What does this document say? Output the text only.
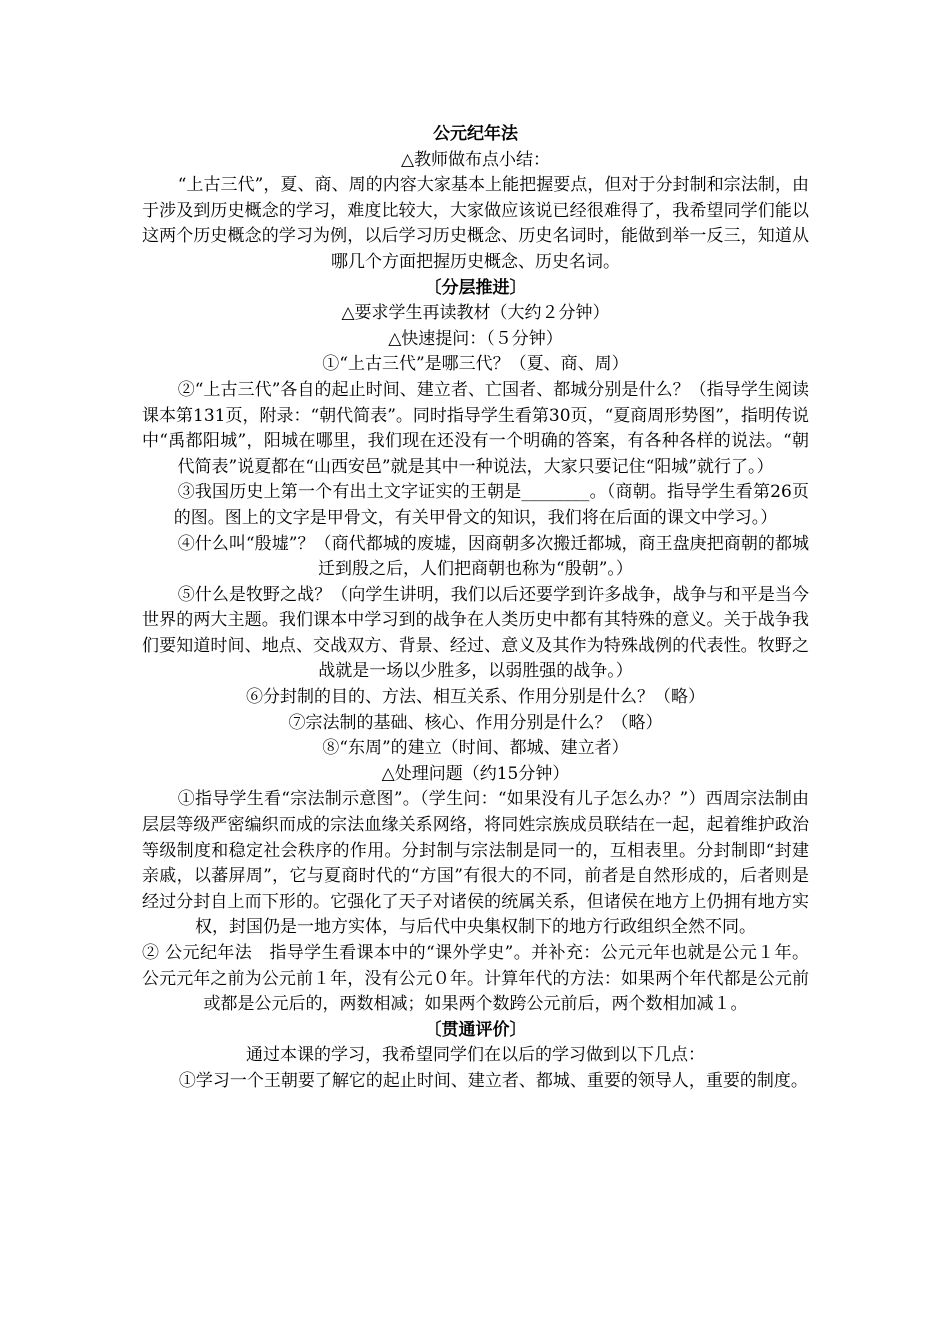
公元纪年法

△教师做布点小结：

“上古三代”，夏、商、周的内容大家基本上能把握要点，但对于分封制和宗法制，由于涉及到历史概念的学习，难度比较大，大家做应该说已经很难得了，我希望同学们能以这两个历史概念的学习为例，以后学习历史概念、历史名词时，能做到举一反三，知道从哪几个方面把握历史概念、历史名词。

〔分层推进〕

△要求学生再读教材（大约２分钟）

△快速提问：（５分钟）

①“上古三代”是哪三代？（夏、商、周）

②“上古三代”各自的起止时间、建立者、亡国者、都城分别是什么？（指导学生阅读课本第131页，附录：“朝代简表”。同时指导学生看第30页，“夏商周形势图”，指明传说中“禹都阳城”，阳城在哪里，我们现在还没有一个明确的答案，有各种各样的说法。“朝代简表”说夏都在“山西安邑”就是其中一种说法，大家只要记住“阳城”就行了。）

③我国历史上第一个有出土文字证实的王朝是________。（商朝。指导学生看第26页的图。图上的文字是甲骨文，有关甲骨文的知识，我们将在后面的课文中学习。）

④什么叫“殷墟”？（商代都城的废墟，因商朝多次搬迁都城，商王盘庚把商朝的都城迁到殷之后，人们把商朝也称为“殷朝”。）

⑤什么是牧野之战？（向学生讲明，我们以后还要学到许多战争，战争与和平是当今世界的两大主题。我们课本中学习到的战争在人类历史中都有其特殊的意义。关于战争我们要知道时间、地点、交战双方、背景、经过、意义及其作为特殊战例的代表性。牧野之战就是一场以少胜多，以弱胜强的战争。）

⑥分封制的目的、方法、相互关系、作用分别是什么？（略）

⑦宗法制的基础、核心、作用分别是什么？（略）

⑧“东周”的建立（时间、都城、建立者）

△处理问题（约15分钟）

①指导学生看“宗法制示意图”。（学生问：“如果没有儿子怎么办？”）西周宗法制由层层等级严密编织而成的宗法血缘关系网络，将同姓宗族成员联结在一起，起着维护政治等级制度和稳定社会秩序的作用。分封制与宗法制是同一的，互相表里。分封制即“封建亲戚，以蕃屏周”，它与夏商时代的“方国”有很大的不同，前者是自然形成的，后者则是经过分封自上而下形的。它强化了天子对诸侯的统属关系，但诸侯在地方上仍拥有地方实权，封国仍是一地方实体，与后代中央集权制下的地方行政组织全然不同。

② 公元纪年法　指导学生看课本中的“课外学史”。并补充：公元元年也就是公元１年。公元元年之前为公元前１年，没有公元０年。计算年代的方法：如果两个年代都是公元前或都是公元后的，两数相减；如果两个数跨公元前后，两个数相加减１。

〔贯通评价〕

通过本课的学习，我希望同学们在以后的学习做到以下几点：

①学习一个王朝要了解它的起止时间、建立者、都城、重要的领导人，重要的制度。
